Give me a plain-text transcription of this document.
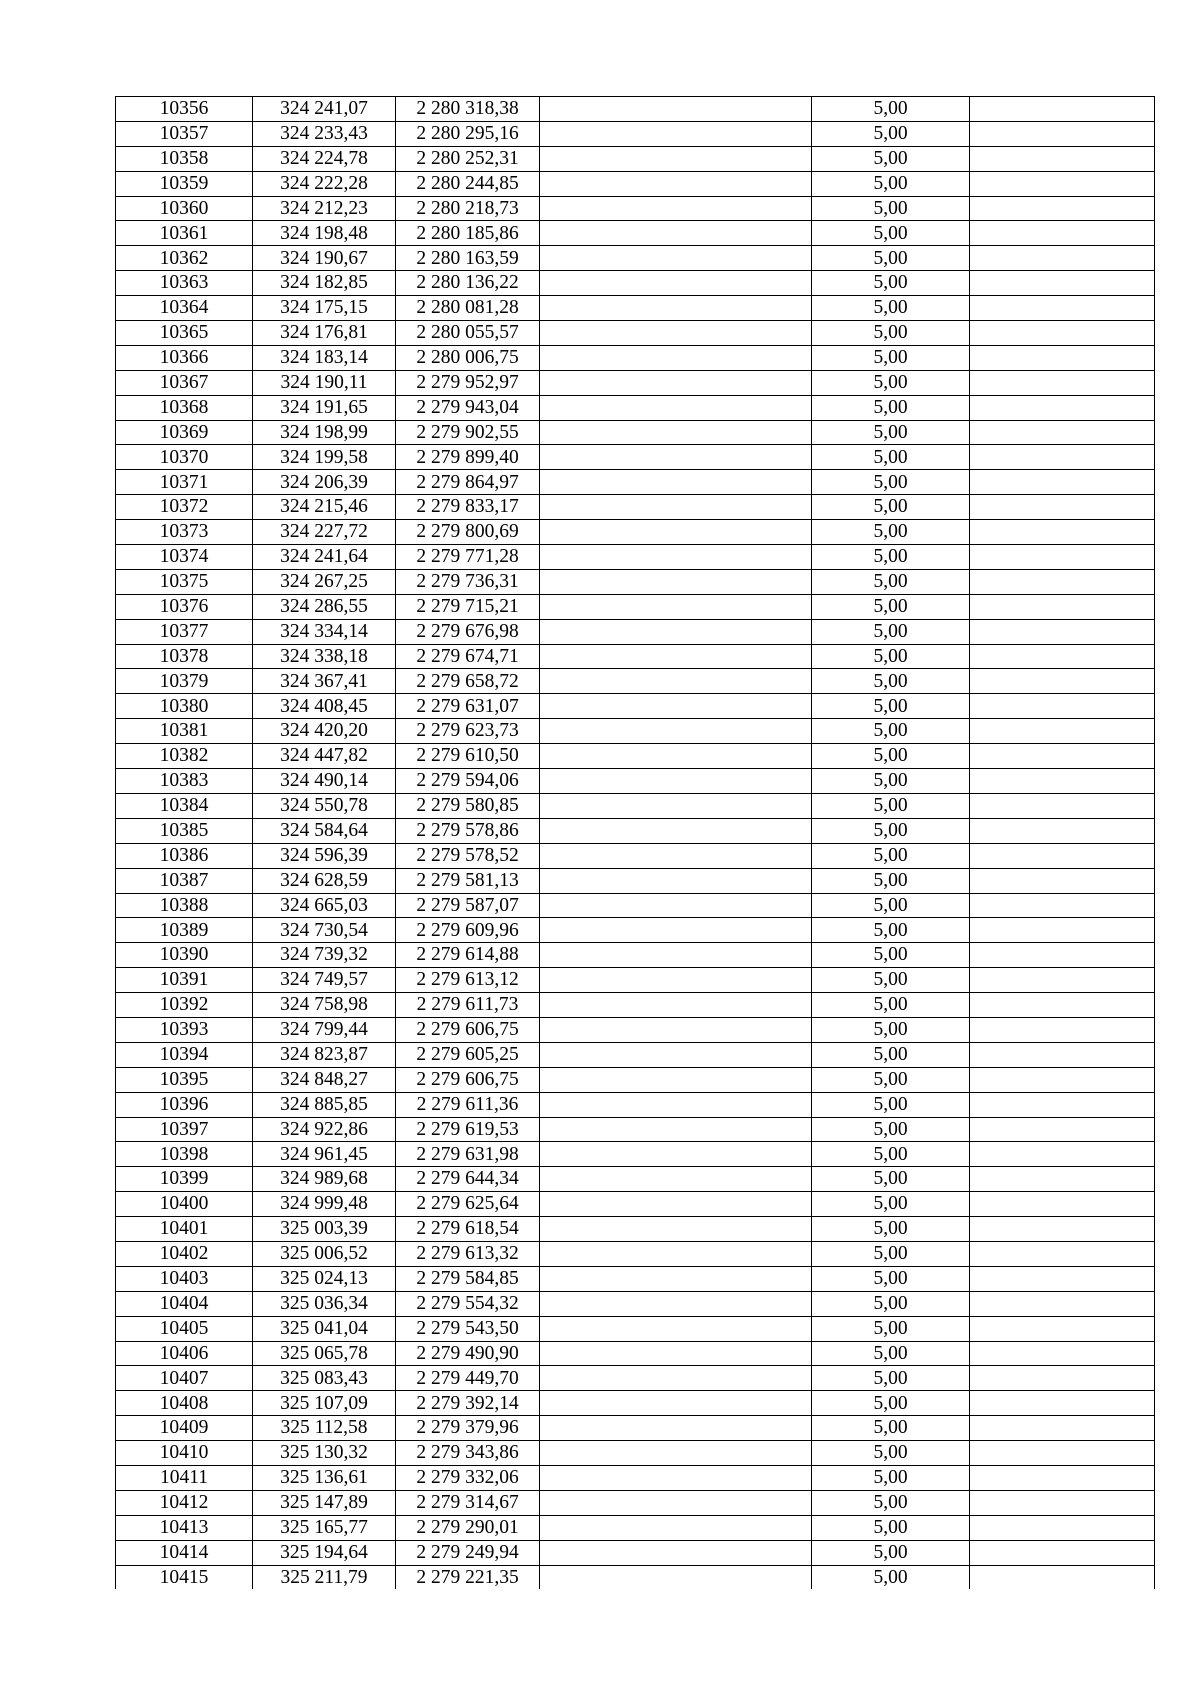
10356	324 241,07	2 280 318,38		5,00	
10357	324 233,43	2 280 295,16		5,00	
10358	324 224,78	2 280 252,31		5,00	
10359	324 222,28	2 280 244,85		5,00	
10360	324 212,23	2 280 218,73		5,00	
10361	324 198,48	2 280 185,86		5,00	
10362	324 190,67	2 280 163,59		5,00	
10363	324 182,85	2 280 136,22		5,00	
10364	324 175,15	2 280 081,28		5,00	
10365	324 176,81	2 280 055,57		5,00	
10366	324 183,14	2 280 006,75		5,00	
10367	324 190,11	2 279 952,97		5,00	
10368	324 191,65	2 279 943,04		5,00	
10369	324 198,99	2 279 902,55		5,00	
10370	324 199,58	2 279 899,40		5,00	
10371	324 206,39	2 279 864,97		5,00	
10372	324 215,46	2 279 833,17		5,00	
10373	324 227,72	2 279 800,69		5,00	
10374	324 241,64	2 279 771,28		5,00	
10375	324 267,25	2 279 736,31		5,00	
10376	324 286,55	2 279 715,21		5,00	
10377	324 334,14	2 279 676,98		5,00	
10378	324 338,18	2 279 674,71		5,00	
10379	324 367,41	2 279 658,72		5,00	
10380	324 408,45	2 279 631,07		5,00	
10381	324 420,20	2 279 623,73		5,00	
10382	324 447,82	2 279 610,50		5,00	
10383	324 490,14	2 279 594,06		5,00	
10384	324 550,78	2 279 580,85		5,00	
10385	324 584,64	2 279 578,86		5,00	
10386	324 596,39	2 279 578,52		5,00	
10387	324 628,59	2 279 581,13		5,00	
10388	324 665,03	2 279 587,07		5,00	
10389	324 730,54	2 279 609,96		5,00	
10390	324 739,32	2 279 614,88		5,00	
10391	324 749,57	2 279 613,12		5,00	
10392	324 758,98	2 279 611,73		5,00	
10393	324 799,44	2 279 606,75		5,00	
10394	324 823,87	2 279 605,25		5,00	
10395	324 848,27	2 279 606,75		5,00	
10396	324 885,85	2 279 611,36		5,00	
10397	324 922,86	2 279 619,53		5,00	
10398	324 961,45	2 279 631,98		5,00	
10399	324 989,68	2 279 644,34		5,00	
10400	324 999,48	2 279 625,64		5,00	
10401	325 003,39	2 279 618,54		5,00	
10402	325 006,52	2 279 613,32		5,00	
10403	325 024,13	2 279 584,85		5,00	
10404	325 036,34	2 279 554,32		5,00	
10405	325 041,04	2 279 543,50		5,00	
10406	325 065,78	2 279 490,90		5,00	
10407	325 083,43	2 279 449,70		5,00	
10408	325 107,09	2 279 392,14		5,00	
10409	325 112,58	2 279 379,96		5,00	
10410	325 130,32	2 279 343,86		5,00	
10411	325 136,61	2 279 332,06		5,00	
10412	325 147,89	2 279 314,67		5,00	
10413	325 165,77	2 279 290,01		5,00	
10414	325 194,64	2 279 249,94		5,00	
10415	325 211,79	2 279 221,35		5,00	
